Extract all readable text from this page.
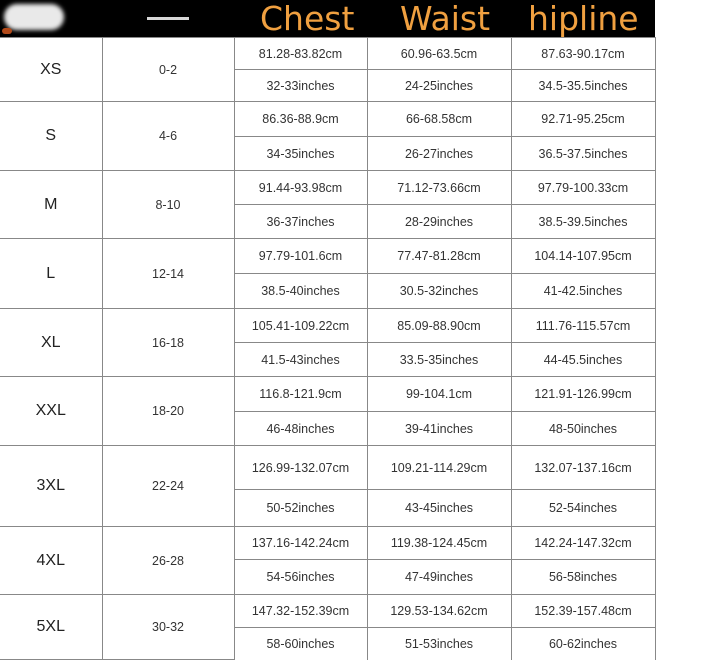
Chest Waist hipline
XS	0-2	81.28-83.82cm	60.96-63.5cm	87.63-90.17cm
		32-33inches	24-25inches	34.5-35.5inches
S	4-6	86.36-88.9cm	66-68.58cm	92.71-95.25cm
		34-35inches	26-27inches	36.5-37.5inches
M	8-10	91.44-93.98cm	71.12-73.66cm	97.79-100.33cm
		36-37inches	28-29inches	38.5-39.5inches
L	12-14	97.79-101.6cm	77.47-81.28cm	104.14-107.95cm
		38.5-40inches	30.5-32inches	41-42.5inches
XL	16-18	105.41-109.22cm	85.09-88.90cm	111.76-115.57cm
		41.5-43inches	33.5-35inches	44-45.5inches
XXL	18-20	116.8-121.9cm	99-104.1cm	121.91-126.99cm
		46-48inches	39-41inches	48-50inches
3XL	22-24	126.99-132.07cm	109.21-114.29cm	132.07-137.16cm
		50-52inches	43-45inches	52-54inches
4XL	26-28	137.16-142.24cm	119.38-124.45cm	142.24-147.32cm
		54-56inches	47-49inches	56-58inches
5XL	30-32	147.32-152.39cm	129.53-134.62cm	152.39-157.48cm
		58-60inches	51-53inches	60-62inches
